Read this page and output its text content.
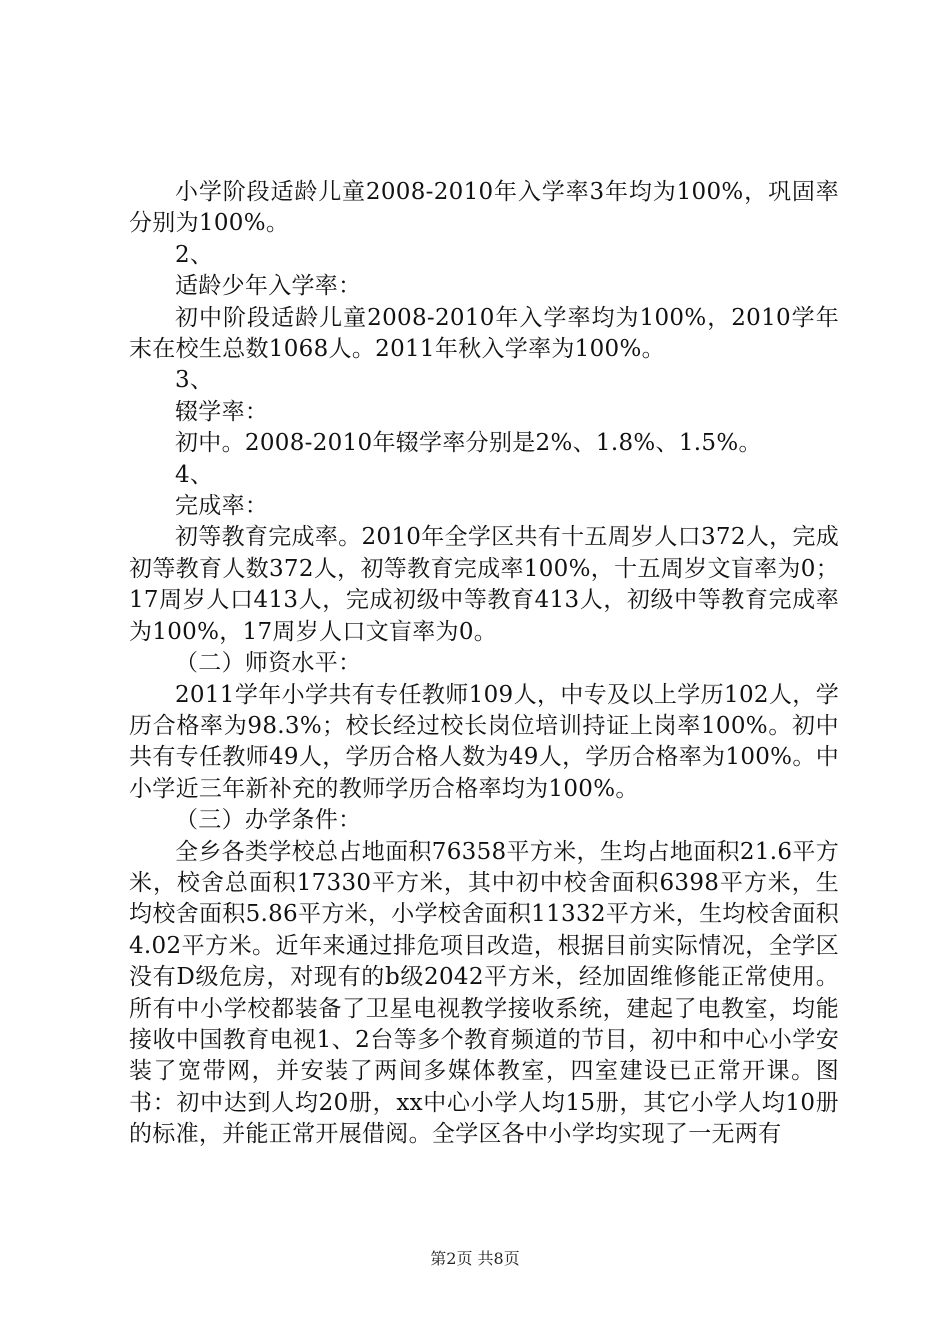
小学阶段适龄儿童2008-2010年入学率3年均为100%，巩固率分别为100%。

2、

适龄少年入学率：

初中阶段适龄儿童2008-2010年入学率均为100%，2010学年末在校生总数1068人。2011年秋入学率为100%。

3、

辍学率：

初中。2008-2010年辍学率分别是2%、1.8%、1.5%。

4、

完成率：

初等教育完成率。2010年全学区共有十五周岁人口372人，完成初等教育人数372人，初等教育完成率100%，十五周岁文盲率为0；17周岁人口413人，完成初级中等教育413人，初级中等教育完成率为100%，17周岁人口文盲率为0。

（二）师资水平：

2011学年小学共有专任教师109人，中专及以上学历102人，学历合格率为98.3%；校长经过校长岗位培训持证上岗率100%。初中共有专任教师49人，学历合格人数为49人，学历合格率为100%。中小学近三年新补充的教师学历合格率均为100%。

（三）办学条件：

全乡各类学校总占地面积76358平方米，生均占地面积21.6平方米，校舍总面积17330平方米，其中初中校舍面积6398平方米，生均校舍面积5.86平方米，小学校舍面积11332平方米，生均校舍面积4.02平方米。近年来通过排危项目改造，根据目前实际情况，全学区没有D级危房，对现有的b级2042平方米，经加固维修能正常使用。所有中小学校都装备了卫星电视教学接收系统，建起了电教室，均能接收中国教育电视1、2台等多个教育频道的节目，初中和中心小学安装了宽带网，并安装了两间多媒体教室，四室建设已正常开课。图书：初中达到人均20册，xx中心小学人均15册，其它小学人均10册的标准，并能正常开展借阅。全学区各中小学均实现了一无两有

第2页 共8页
